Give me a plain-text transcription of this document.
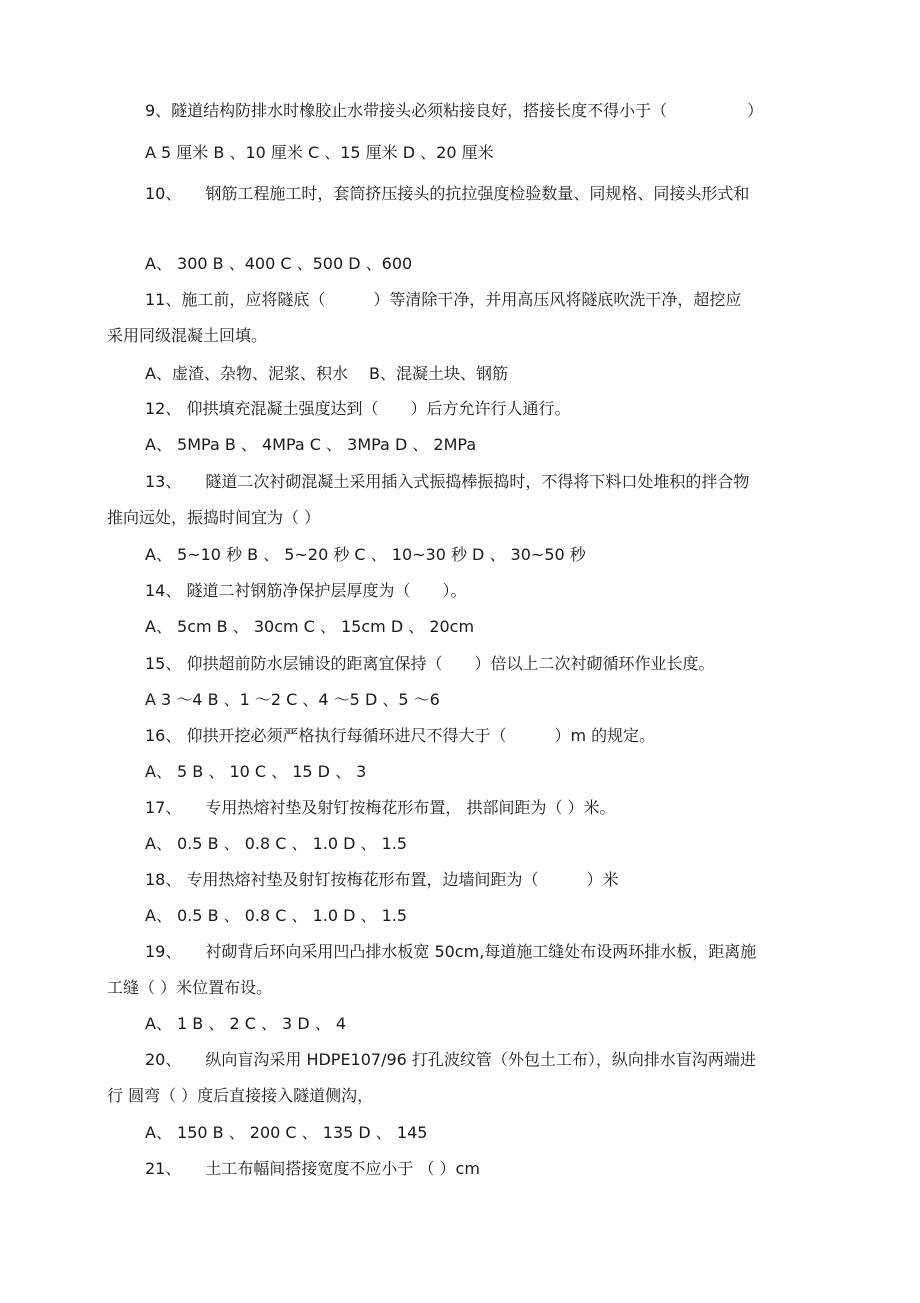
9、隧道结构防排水时橡胶止水带接头必须粘接良好，搭接长度不得小于（　　　　　）
A 5 厘米 B 、10 厘米 C 、15 厘米 D 、20 厘米
10、　　钢筋工程施工时，套筒挤压接头的抗拉强度检验数量、同规格、同接头形式和
A、 300 B 、400 C 、500 D 、600
11、施工前，应将隧底（　　　）等清除干净，并用高压风将隧底吹洗干净，超挖应
采用同级混凝土回填。
A、虚渣、杂物、泥浆、积水　 B、混凝土块、钢筋
12、 仰拱填充混凝土强度达到（　　）后方允许行人通行。
A、 5MPa B 、 4MPa C 、 3MPa D 、 2MPa
13、　　隧道二次衬砌混凝土采用插入式振捣棒振捣时，不得将下料口处堆积的拌合物
推向远处，振捣时间宜为（ ）
A、 5~10 秒 B 、 5~20 秒 C 、 10~30 秒 D 、 30~50 秒
14、 隧道二衬钢筋净保护层厚度为（　　）。
A、 5cm B 、 30cm C 、 15cm D 、 20cm
15、 仰拱超前防水层铺设的距离宜保持（　　）倍以上二次衬砌循环作业长度。
A 3 ～4 B 、1 ～2 C 、4 ～5 D 、5 ～6
16、 仰拱开挖必须严格执行每循环进尺不得大于（　　　）m 的规定。
A、 5 B 、 10 C 、 15 D 、 3
17、　　专用热熔衬垫及射钉按梅花形布置， 拱部间距为（ ）米。
A、 0.5 B 、 0.8 C 、 1.0 D 、 1.5
18、 专用热熔衬垫及射钉按梅花形布置，边墙间距为（　　　）米
A、 0.5 B 、 0.8 C 、 1.0 D 、 1.5
19、　　衬砌背后环向采用凹凸排水板宽 50cm,每道施工缝处布设两环排水板，距离施
工缝（ ）米位置布设。
A、 1 B 、 2 C 、 3 D 、 4
20、　　纵向盲沟采用 HDPE107/96 打孔波纹管（外包土工布），纵向排水盲沟两端进
行 圆弯（ ）度后直接接入隧道侧沟，
A、 150 B 、 200 C 、 135 D 、 145
21、　　土工布幅间搭接宽度不应小于 （ ）cm
